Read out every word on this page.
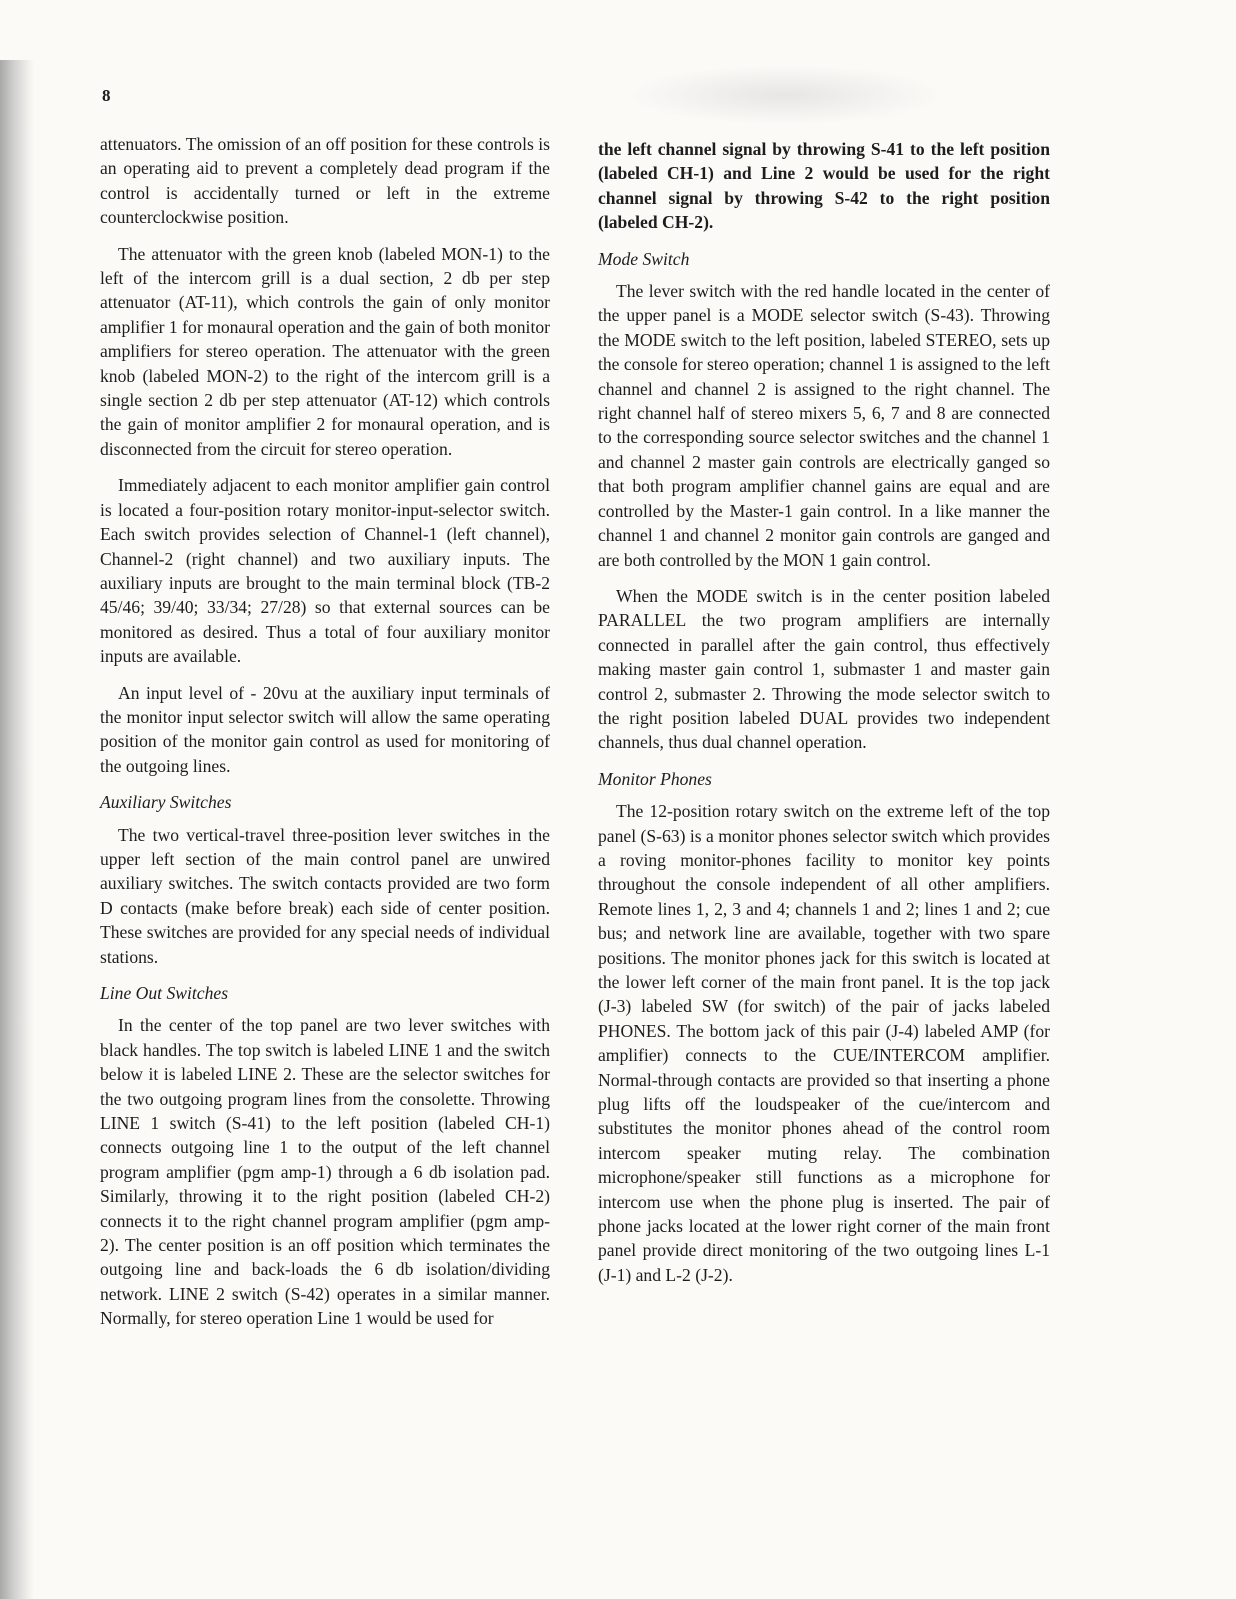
8

attenuators. The omission of an off position for these controls is an operating aid to prevent a completely dead program if the control is accidentally turned or left in the extreme counterclockwise position.

The attenuator with the green knob (labeled MON-1) to the left of the intercom grill is a dual section, 2 db per step attenuator (AT-11), which controls the gain of only monitor amplifier 1 for monaural operation and the gain of both monitor amplifiers for stereo operation. The attenuator with the green knob (labeled MON-2) to the right of the intercom grill is a single section 2 db per step attenuator (AT-12) which controls the gain of monitor amplifier 2 for monaural operation, and is disconnected from the circuit for stereo operation.

Immediately adjacent to each monitor amplifier gain control is located a four-position rotary monitor-input-selector switch. Each switch provides selection of Channel-1 (left channel), Channel-2 (right channel) and two auxiliary inputs. The auxiliary inputs are brought to the main terminal block (TB-2 45/46; 39/40; 33/34; 27/28) so that external sources can be monitored as desired. Thus a total of four auxiliary monitor inputs are available.

An input level of - 20vu at the auxiliary input terminals of the monitor input selector switch will allow the same operating position of the monitor gain control as used for monitoring of the outgoing lines.

Auxiliary Switches

The two vertical-travel three-position lever switches in the upper left section of the main control panel are unwired auxiliary switches. The switch contacts provided are two form D contacts (make before break) each side of center position. These switches are provided for any special needs of individual stations.

Line Out Switches

In the center of the top panel are two lever switches with black handles. The top switch is labeled LINE 1 and the switch below it is labeled LINE 2. These are the selector switches for the two outgoing program lines from the consolette. Throwing LINE 1 switch (S-41) to the left position (labeled CH-1) connects outgoing line 1 to the output of the left channel program amplifier (pgm amp-1) through a 6 db isolation pad. Similarly, throwing it to the right position (labeled CH-2) connects it to the right channel program amplifier (pgm amp-2). The center position is an off position which terminates the outgoing line and back-loads the 6 db isolation/dividing network. LINE 2 switch (S-42) operates in a similar manner. Normally, for stereo operation Line 1 would be used for

the left channel signal by throwing S-41 to the left position (labeled CH-1) and Line 2 would be used for the right channel signal by throwing S-42 to the right position (labeled CH-2).

Mode Switch

The lever switch with the red handle located in the center of the upper panel is a MODE selector switch (S-43). Throwing the MODE switch to the left position, labeled STEREO, sets up the console for stereo operation; channel 1 is assigned to the left channel and channel 2 is assigned to the right channel. The right channel half of stereo mixers 5, 6, 7 and 8 are connected to the corresponding source selector switches and the channel 1 and channel 2 master gain controls are electrically ganged so that both program amplifier channel gains are equal and are controlled by the Master-1 gain control. In a like manner the channel 1 and channel 2 monitor gain controls are ganged and are both controlled by the MON 1 gain control.

When the MODE switch is in the center position labeled PARALLEL the two program amplifiers are internally connected in parallel after the gain control, thus effectively making master gain control 1, submaster 1 and master gain control 2, submaster 2. Throwing the mode selector switch to the right position labeled DUAL provides two independent channels, thus dual channel operation.

Monitor Phones

The 12-position rotary switch on the extreme left of the top panel (S-63) is a monitor phones selector switch which provides a roving monitor-phones facility to monitor key points throughout the console independent of all other amplifiers. Remote lines 1, 2, 3 and 4; channels 1 and 2; lines 1 and 2; cue bus; and network line are available, together with two spare positions. The monitor phones jack for this switch is located at the lower left corner of the main front panel. It is the top jack (J-3) labeled SW (for switch) of the pair of jacks labeled PHONES. The bottom jack of this pair (J-4) labeled AMP (for amplifier) connects to the CUE/INTERCOM amplifier. Normal-through contacts are provided so that inserting a phone plug lifts off the loudspeaker of the cue/intercom and substitutes the monitor phones ahead of the control room intercom speaker muting relay. The combination microphone/speaker still functions as a microphone for intercom use when the phone plug is inserted. The pair of phone jacks located at the lower right corner of the main front panel provide direct monitoring of the two outgoing lines L-1 (J-1) and L-2 (J-2).
